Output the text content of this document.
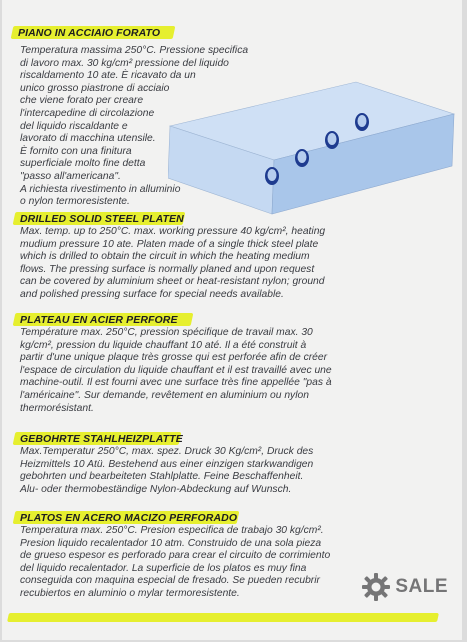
PIANO IN ACCIAIO FORATO
Temperatura massima 250°C. Pressione specifica
di lavoro max. 30 kg/cm² pressione del liquido
riscaldamento 10 ate. È ricavato da un
unico grosso piastrone di acciaio
che viene forato per creare
l'intercapedine di circolazione
del liquido riscaldante e
lavorato di macchina utensile.
È fornito con una finitura
superficiale molto fine detta
"passo all'americana".
A richiesta rivestimento in alluminio
o nylon termoresistente.
DRILLED SOLID STEEL PLATEN
Max. temp. up to 250°C. max. working pressure 40 kg/cm², heating
mudium pressure 10 ate. Platen made of a single thick steel plate
which is drilled to obtain the circuit in which the heating medium
flows. The pressing surface is normally planed and upon request
can be covered by aluminium sheet or heat-resistant nylon; ground
and polished pressing surface for special needs available.
PLATEAU EN ACIER PERFORE
Température max. 250°C, pression spécifique de travail max. 30
kg/cm², pression du liquide chauffant 10 até. Il a été construit à
partir d'une unique plaque très grosse qui est perforée afin de créer
l'espace de circulation du liquide chauffant et il est travaillé avec une
machine-outil. Il est fourni avec une surface très fine appellée "pas à
l'américaine". Sur demande, revêtement en aluminium ou nylon
thermorésistant.
GEBOHRTE STAHLHEIZPLATTE
Max.Temperatur 250°C, max. spez. Druck 30 Kg/cm², Druck des
Heizmittels 10 Atü. Bestehend aus einer einzigen starkwandigen
gebohrten und bearbeiteten Stahlplatte. Feine Beschaffenheit.
Alu- oder thermobeständige Nylon-Abdeckung auf Wunsch.
PLATOS EN ACERO MACIZO PERFORADO
Temperatura max. 250°C. Presion especifica de trabajo 30 kg/cm².
Presion liquido recalentador 10 atm. Construido de una sola pieza
de grueso espesor es perforado para crear el circuito de corrimiento
del liquido recalentador. La superficie de los platos es muy fina
conseguida con maquina especial de fresado. Se pueden recubrir
recubiertos en aluminio o mylar termoresistente.	SALE
